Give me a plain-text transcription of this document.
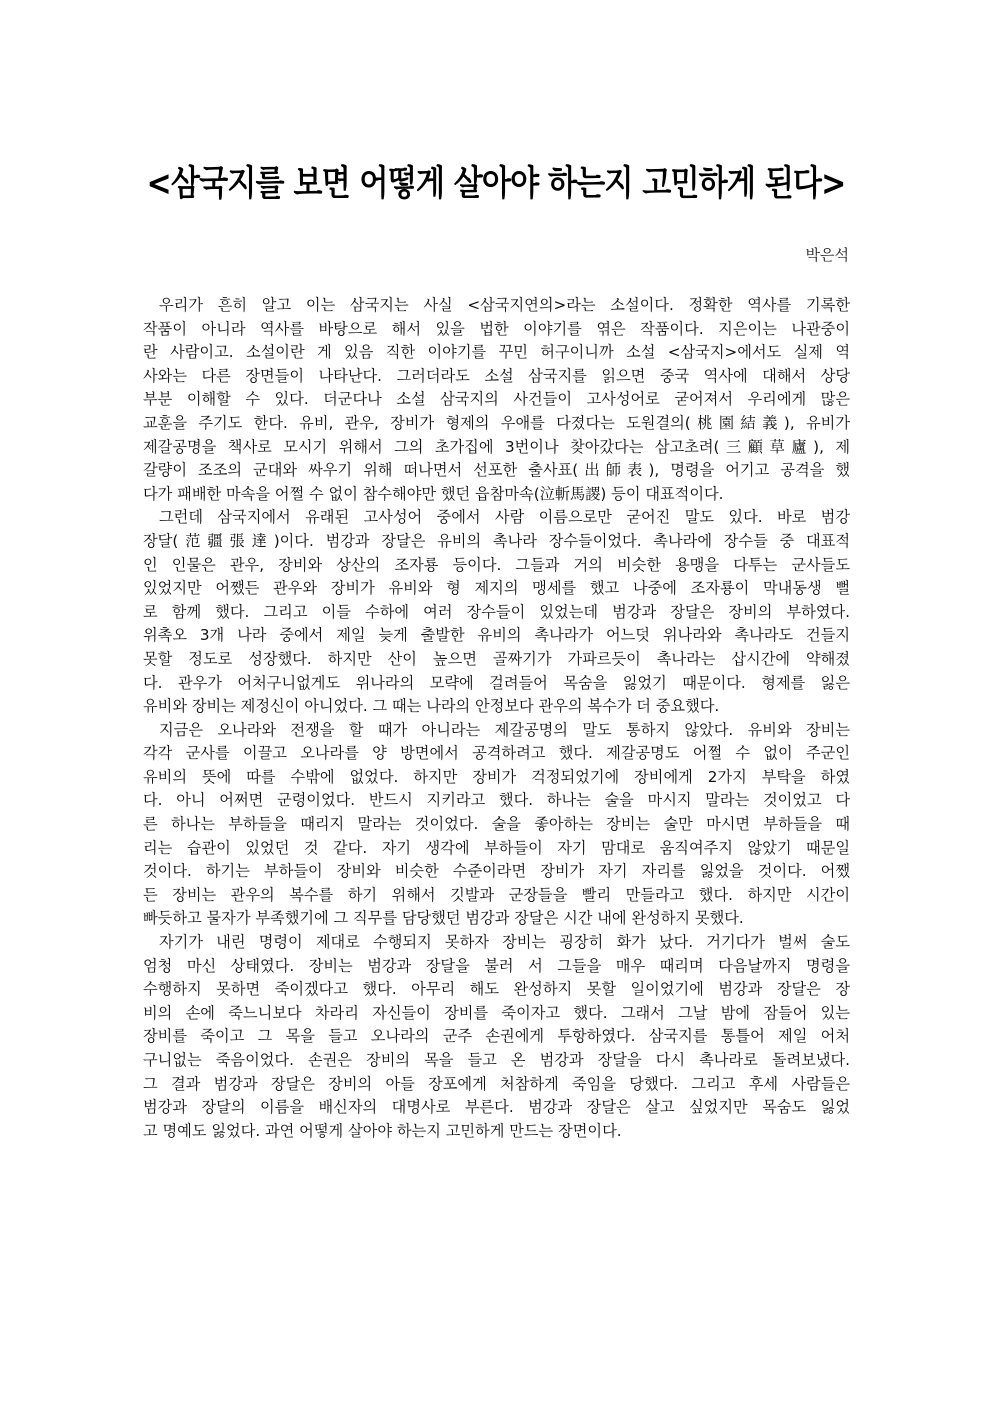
<삼국지를 보면 어떻게 살아야 하는지 고민하게 된다>
박은석
우리가 흔히 알고 이는 삼국지는 사실 <삼국지연의>라는 소설이다. 정확한 역사를 기록한
작품이 아니라 역사를 바탕으로 해서 있을 법한 이야기를 엮은 작품이다. 지은이는 나관중이
란 사람이고. 소설이란 게 있음 직한 이야기를 꾸민 허구이니까 소설 <삼국지>에서도 실제 역
사와는 다른 장면들이 나타난다. 그러더라도 소설 삼국지를 읽으면 중국 역사에 대해서 상당
부분 이해할 수 있다. 더군다나 소설 삼국지의 사건들이 고사성어로 굳어져서 우리에게 많은
교훈을 주기도 한다. 유비, 관우, 장비가 형제의 우애를 다졌다는 도원결의(桃園結義), 유비가
제갈공명을 책사로 모시기 위해서 그의 초가집에 3번이나 찾아갔다는 삼고초려(三顧草廬), 제
갈량이 조조의 군대와 싸우기 위해 떠나면서 선포한 출사표(出師表), 명령을 어기고 공격을 했
다가 패배한 마속을 어쩔 수 없이 참수해야만 했던 읍참마속(泣斬馬謖) 등이 대표적이다.
그런데 삼국지에서 유래된 고사성어 중에서 사람 이름으로만 굳어진 말도 있다. 바로 범강
장달(范疆張達)이다. 범강과 장달은 유비의 촉나라 장수들이었다. 촉나라에 장수들 중 대표적
인 인물은 관우, 장비와 상산의 조자룡 등이다. 그들과 거의 비슷한 용맹을 다투는 군사들도
있었지만 어쨌든 관우와 장비가 유비와 형 제지의 맹세를 했고 나중에 조자룡이 막내동생 뻘
로 함께 했다. 그리고 이들 수하에 여러 장수들이 있었는데 범강과 장달은 장비의 부하였다.
위촉오 3개 나라 중에서 제일 늦게 출발한 유비의 촉나라가 어느덧 위나라와 촉나라도 건들지
못할 정도로 성장했다. 하지만 산이 높으면 골짜기가 가파르듯이 촉나라는 삽시간에 약해졌
다. 관우가 어처구니없게도 위나라의 모략에 걸려들어 목숨을 잃었기 때문이다. 형제를 잃은
유비와 장비는 제정신이 아니었다. 그 때는 나라의 안정보다 관우의 복수가 더 중요했다.
지금은 오나라와 전쟁을 할 때가 아니라는 제갈공명의 말도 통하지 않았다. 유비와 장비는
각각 군사를 이끌고 오나라를 양 방면에서 공격하려고 했다. 제갈공명도 어쩔 수 없이 주군인
유비의 뜻에 따를 수밖에 없었다. 하지만 장비가 걱정되었기에 장비에게 2가지 부탁을 하였
다. 아니 어쩌면 군령이었다. 반드시 지키라고 했다. 하나는 술을 마시지 말라는 것이었고 다
른 하나는 부하들을 때리지 말라는 것이었다. 술을 좋아하는 장비는 술만 마시면 부하들을 때
리는 습관이 있었던 것 같다. 자기 생각에 부하들이 자기 맘대로 움직여주지 않았기 때문일
것이다. 하기는 부하들이 장비와 비슷한 수준이라면 장비가 자기 자리를 잃었을 것이다. 어쨌
든 장비는 관우의 복수를 하기 위해서 깃발과 군장들을 빨리 만들라고 했다. 하지만 시간이
빠듯하고 물자가 부족했기에 그 직무를 담당했던 범강과 장달은 시간 내에 완성하지 못했다.
자기가 내린 명령이 제대로 수행되지 못하자 장비는 굉장히 화가 났다. 거기다가 벌써 술도
엄청 마신 상태였다. 장비는 범강과 장달을 불러 서 그들을 매우 때리며 다음날까지 명령을
수행하지 못하면 죽이겠다고 했다. 아무리 해도 완성하지 못할 일이었기에 범강과 장달은 장
비의 손에 죽느니보다 차라리 자신들이 장비를 죽이자고 했다. 그래서 그날 밤에 잠들어 있는
장비를 죽이고 그 목을 들고 오나라의 군주 손권에게 투항하였다. 삼국지를 통틀어 제일 어처
구니없는 죽음이었다. 손권은 장비의 목을 들고 온 범강과 장달을 다시 촉나라로 돌려보냈다.
그 결과 범강과 장달은 장비의 아들 장포에게 처참하게 죽임을 당했다. 그리고 후세 사람들은
범강과 장달의 이름을 배신자의 대명사로 부른다. 범강과 장달은 살고 싶었지만 목숨도 잃었
고 명예도 잃었다. 과연 어떻게 살아야 하는지 고민하게 만드는 장면이다.
